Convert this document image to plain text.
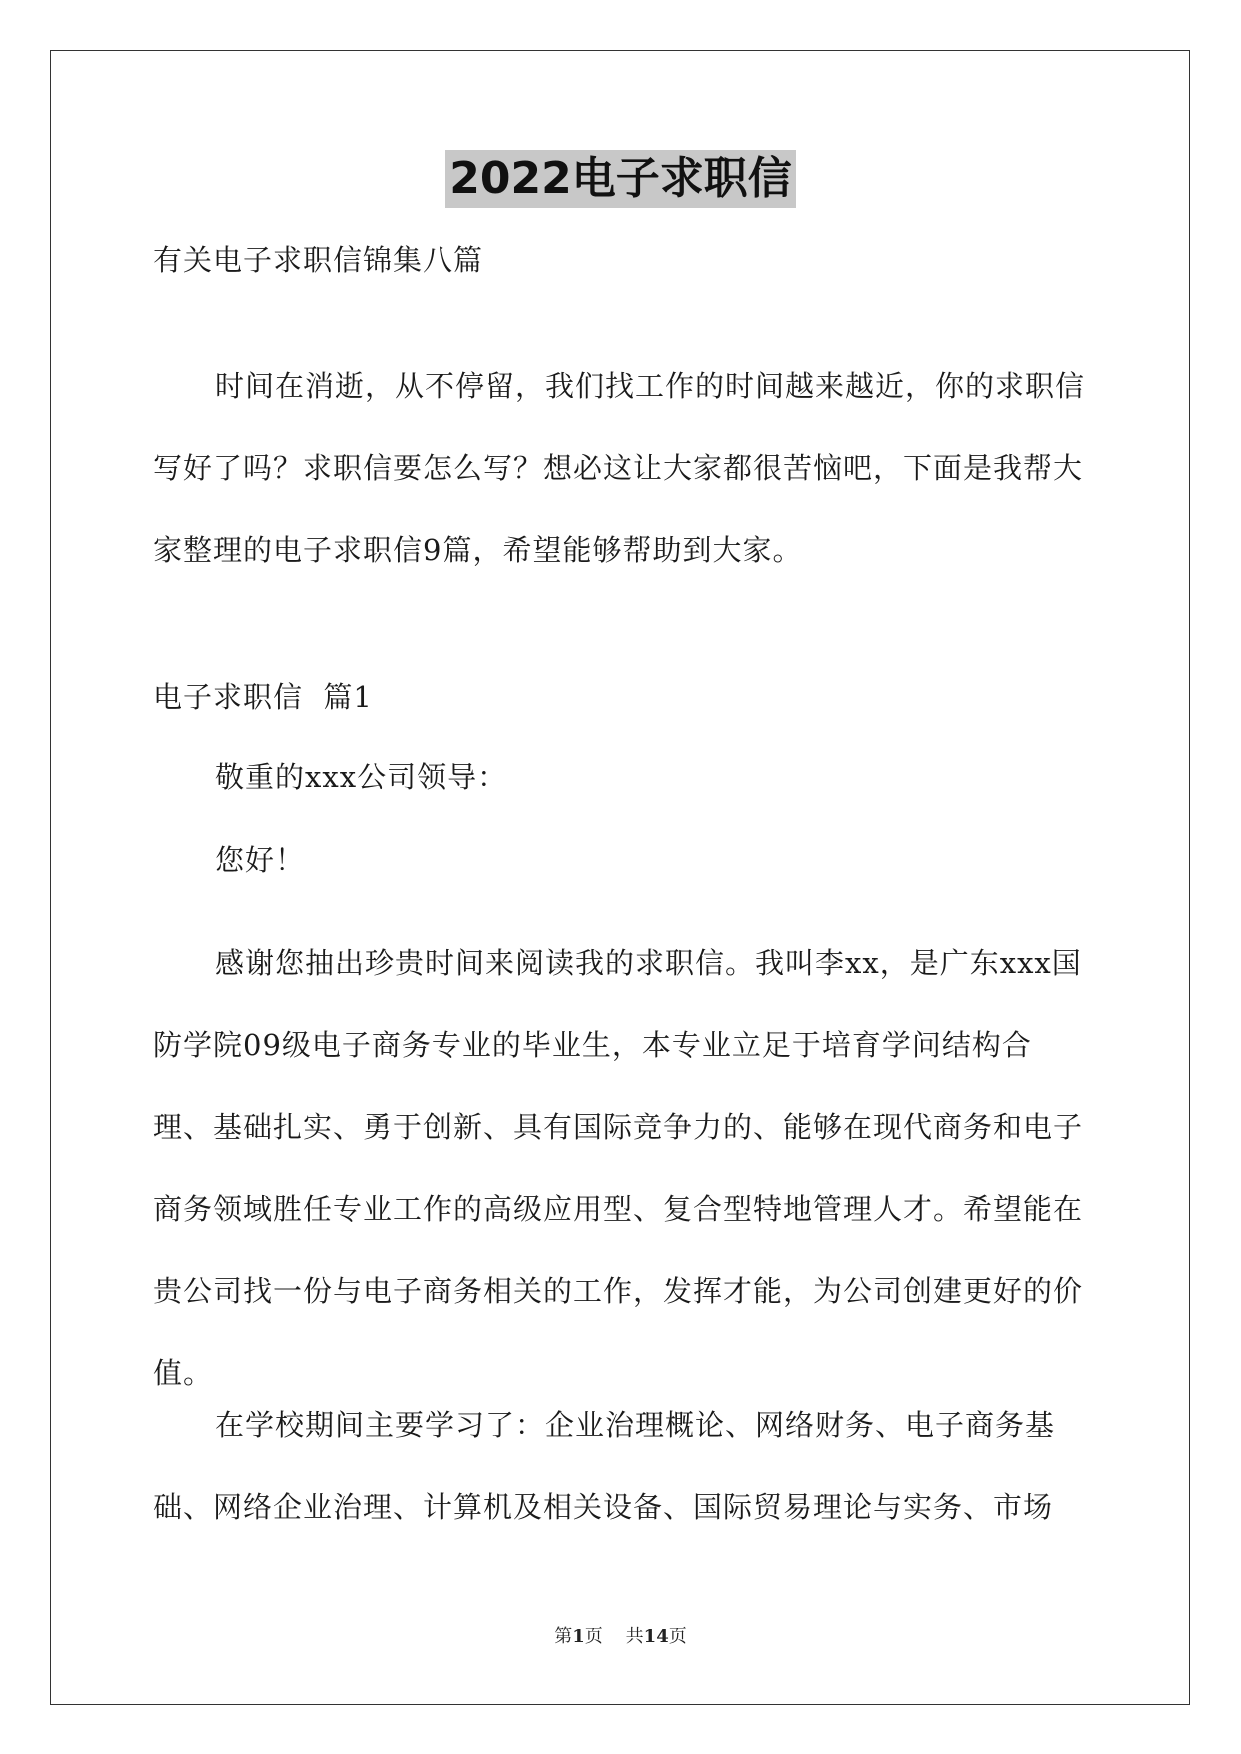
2022电子求职信
有关电子求职信锦集八篇
时间在消逝，从不停留，我们找工作的时间越来越近，你的求职信写好了吗？求职信要怎么写？想必这让大家都很苦恼吧，下面是我帮大家整理的电子求职信9篇，希望能够帮助到大家。
电子求职信  篇1
敬重的xxx公司领导：
您好！
感谢您抽出珍贵时间来阅读我的求职信。我叫李xx，是广东xxx国防学院09级电子商务专业的毕业生，本专业立足于培育学问结构合理、基础扎实、勇于创新、具有国际竞争力的、能够在现代商务和电子商务领域胜任专业工作的高级应用型、复合型特地管理人才。希望能在贵公司找一份与电子商务相关的工作，发挥才能，为公司创建更好的价值。
在学校期间主要学习了：企业治理概论、网络财务、电子商务基础、网络企业治理、计算机及相关设备、国际贸易理论与实务、市场
第1页 共14页
